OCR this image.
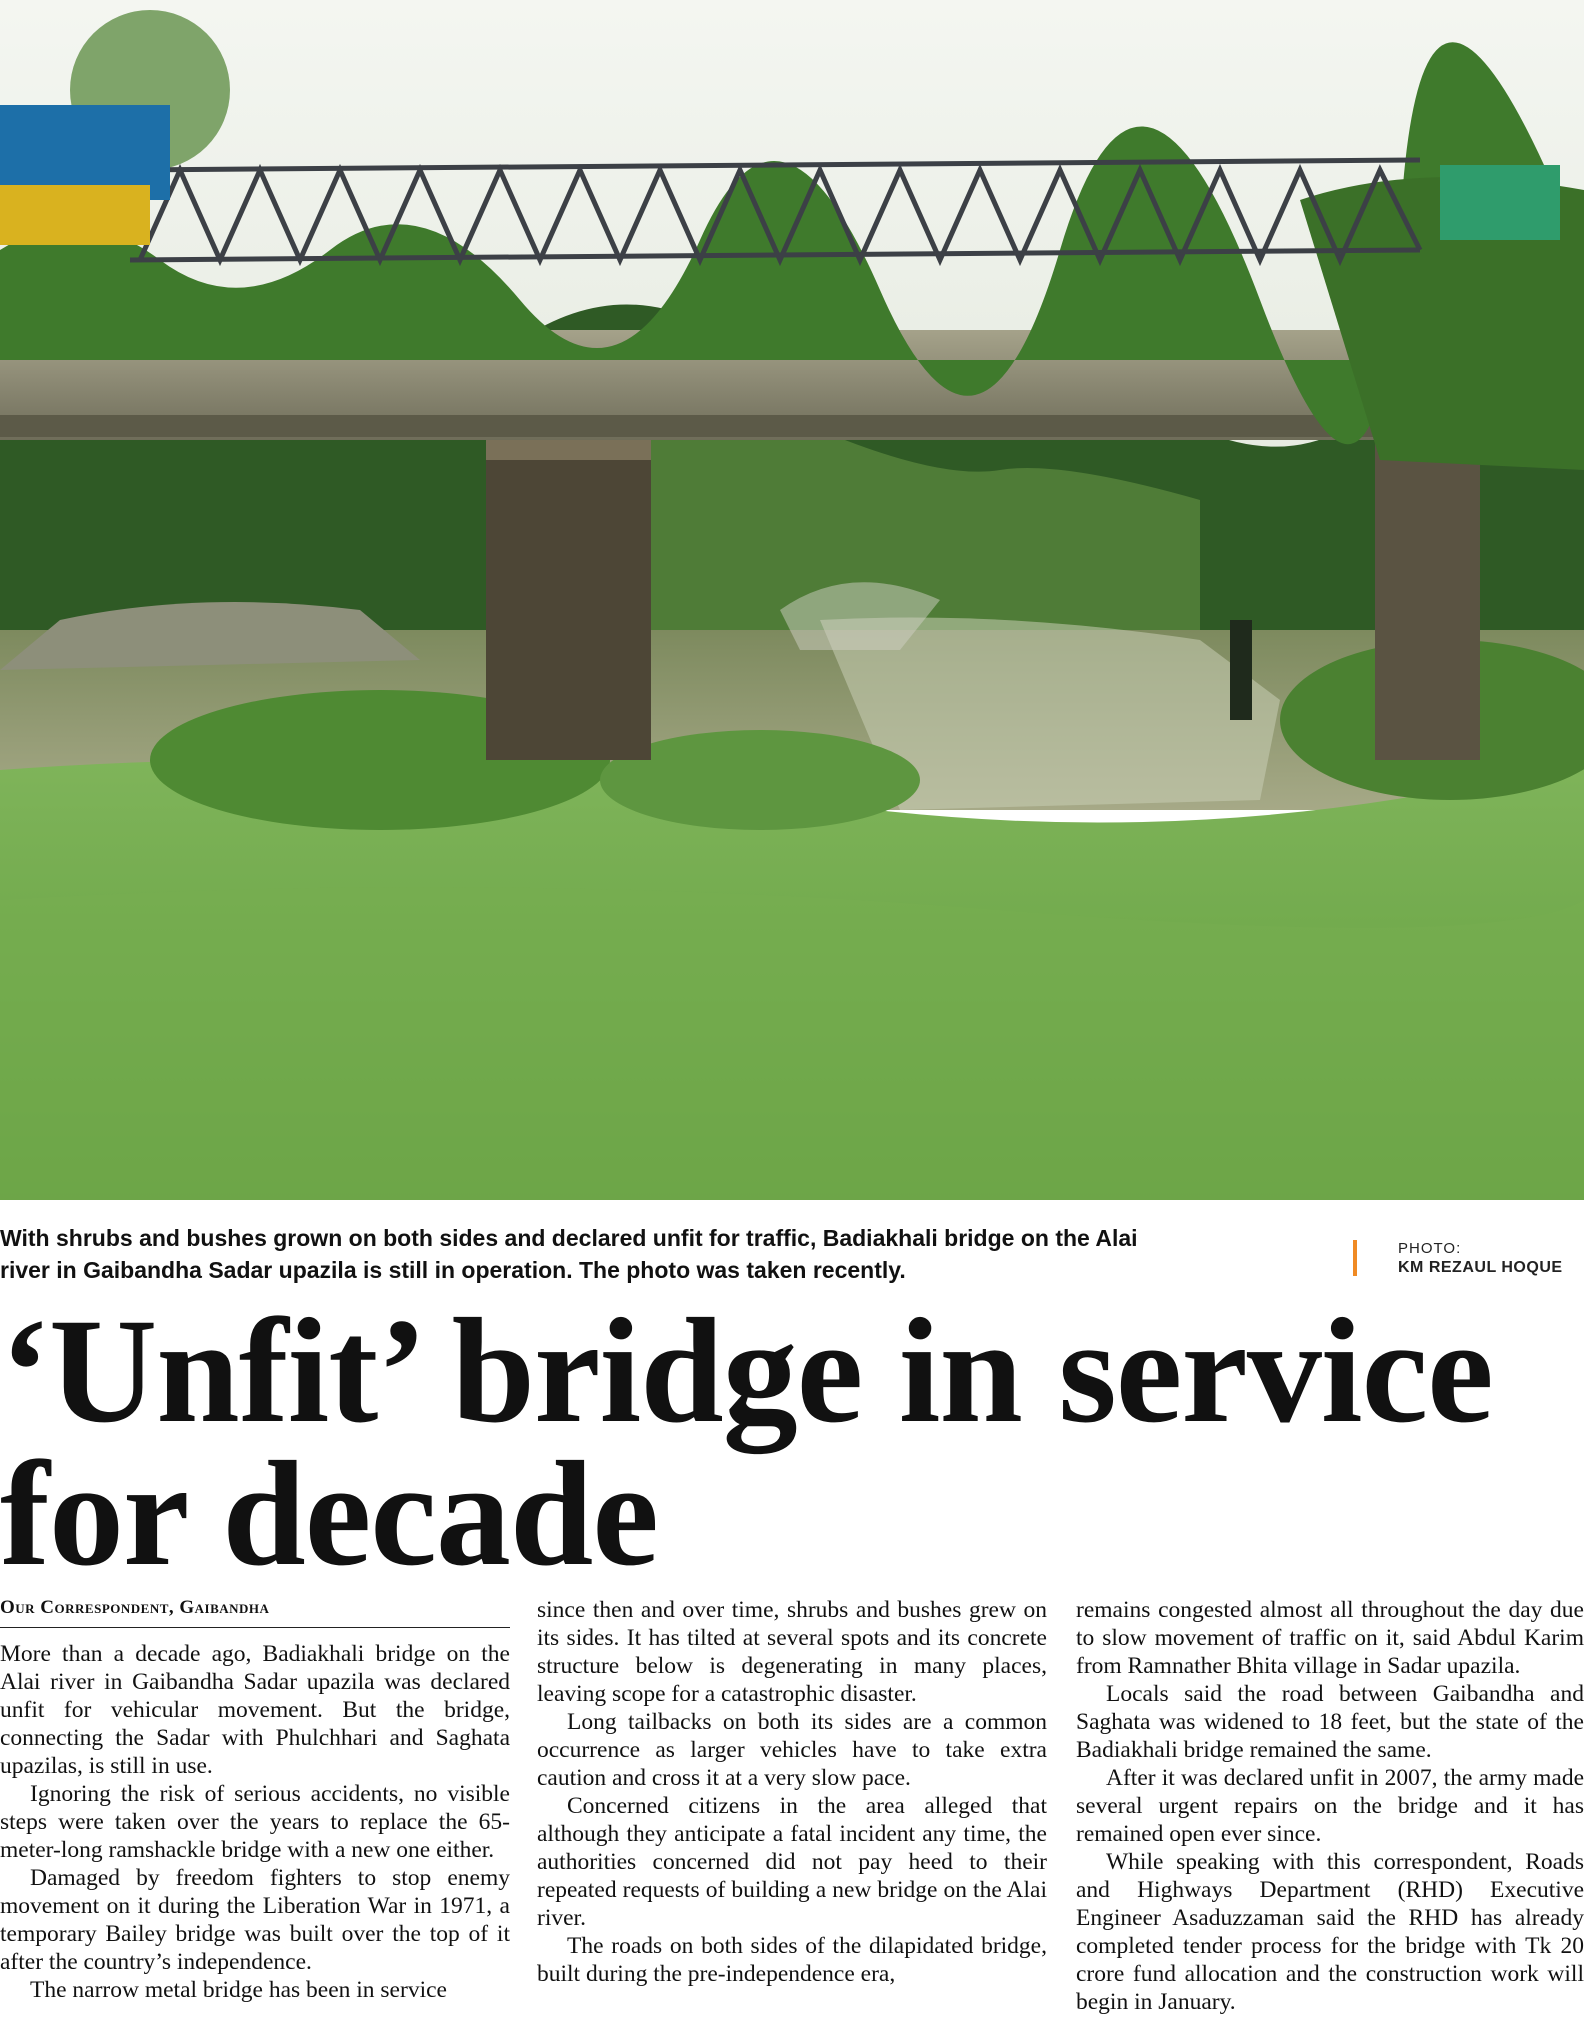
With shrubs and bushes grown on both sides and declared unfit for traffic, Badiakhali bridge on the Alai river in Gaibandha Sadar upazila is still in operation. The photo was taken recently.
PHOTO:
KM REZAUL HOQUE
‘Unfit’ bridge in service
for decade
Our Correspondent, Gaibandha

More than a decade ago, Badiakhali bridge on the Alai river in Gaibandha Sadar upazila was declared unfit for vehicular movement. But the bridge, connecting the Sadar with Phulchhari and Saghata upazilas, is still in use.

Ignoring the risk of serious accidents, no visible steps were taken over the years to replace the 65-meter-long ramshackle bridge with a new one either.

Damaged by freedom fighters to stop enemy movement on it during the Liberation War in 1971, a temporary Bailey bridge was built over the top of it after the country’s independence.

The narrow metal bridge has been in service

since then and over time, shrubs and bushes grew on its sides. It has tilted at several spots and its concrete structure below is degenerating in many places, leaving scope for a catastrophic disaster.

Long tailbacks on both its sides are a common occurrence as larger vehicles have to take extra caution and cross it at a very slow pace.

Concerned citizens in the area alleged that although they anticipate a fatal incident any time, the authorities concerned did not pay heed to their repeated requests of building a new bridge on the Alai river.

The roads on both sides of the dilapidated bridge, built during the pre-independence era,

remains congested almost all throughout the day due to slow movement of traffic on it, said Abdul Karim from Ramnather Bhita village in Sadar upazila.

Locals said the road between Gaibandha and Saghata was widened to 18 feet, but the state of the Badiakhali bridge remained the same.

After it was declared unfit in 2007, the army made several urgent repairs on the bridge and it has remained open ever since.

While speaking with this correspondent, Roads and Highways Department (RHD) Executive Engineer Asaduzzaman said the RHD has already completed tender process for the bridge with Tk 20 crore fund allocation and the construction work will begin in January.
